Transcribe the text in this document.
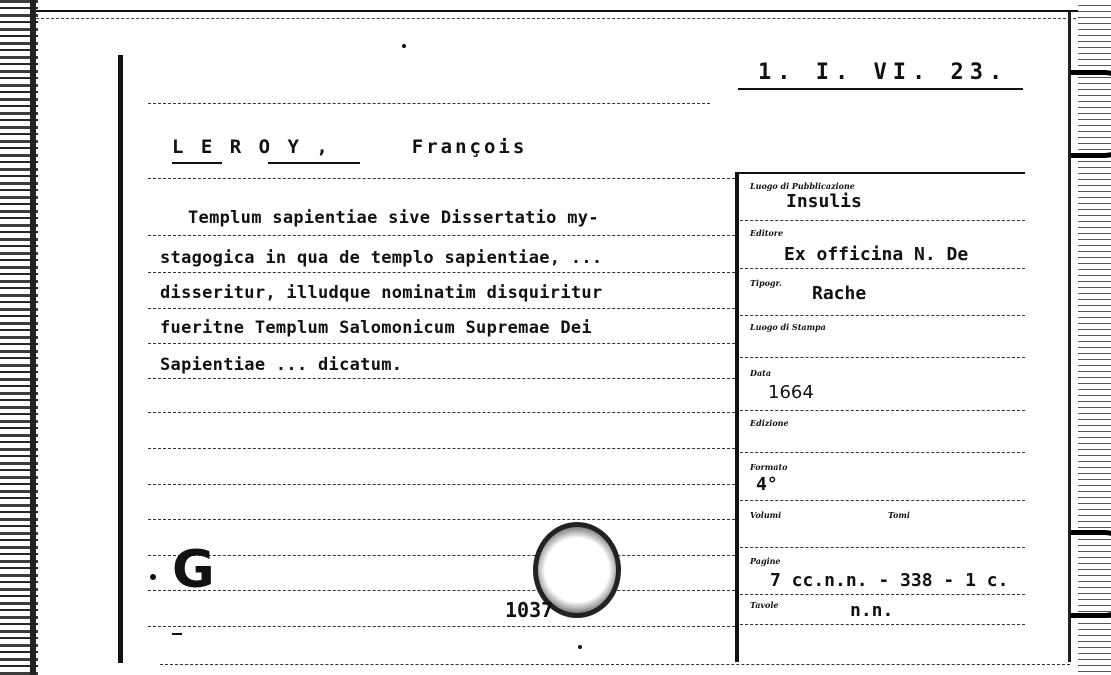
1. I. VI. 23.
L E R O Y ,	François
Templum sapientiae sive Dissertatio my-
stagogica in qua de templo sapientiae, ...
disseritur, illudque nominatim disquiritur
fueritne Templum Salomonicum Supremae Dei
Sapientiae ... dicatum.
G
1037
Luogo di Pubblicazione
Insulis
Editore
Ex officina N. De
Tipogr. Rache
Luogo di Stampa
Data
1664
Edizione
Formato
4°
Volumi	Tomi
Pagine
7 cc.n.n. - 338 - 1 c.
Tavole	n.n.
